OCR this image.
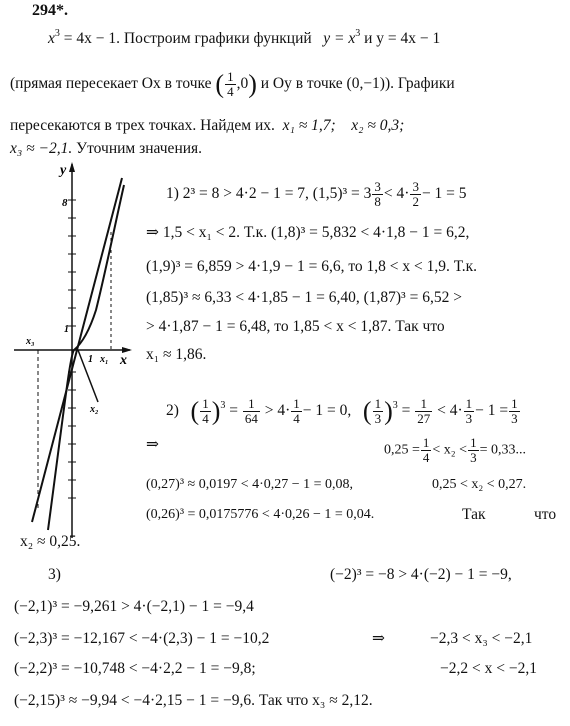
294*.
$x^3 = 4x - 1$. Построим графики функций $y = x^3$ и y = 4x − 1
(прямая пересекает Ox в точке ( $\frac{1}{4} ,0$) и Oy в точке (0,−1)). Графики
пересекаются в трех точках. Найдем их. x₁ ≈ 1,7; x₂ ≈ 0,3;
x₃ ≈ −2,1. Уточним значения.
y
x
8
1
1 x₁
x₂
x₃
1) 2³ = 8 > 4·2 − 1 = 7, $(1,5)^3 = 3 \frac{3}{8} < 4\cdot \frac{3}{2} - 1 = 5$
⇒ 1,5 < x₁ < 2. Т.к. (1,8)³ = 5,832 < 4·1,8 − 1 = 6,2,
(1,9)³ = 6,859 > 4·1,9 − 1 = 6,6, то 1,8 < x < 1,9. Т.к.
(1,85)³ ≈ 6,33 < 4·1,85 − 1 = 6,40, (1,87)³ = 6,52 >
> 4·1,87 − 1 = 6,48, то 1,85 < x < 1,87. Так что
x₁ ≈ 1,86.
2) ( $\frac{1}{4} )^3 = \frac{1}{64} > 4\cdot \frac{1}{4} - 1 = 0$, ( $\frac{1}{3} )^3 = \frac{1}{27} < 4\cdot \frac{1}{3} - 1 = \frac{1}{3}$
⇒	$0,25 = \frac{1}{4} < x_2 < \frac{1}{3} = 0,33$...
(0,27)³ ≈ 0,0197 < 4·0,27 − 1 = 0,08,	0,25 < x₂ < 0,27.
(0,26)³ = 0,0175776 < 4·0,26 − 1 = 0,04.	Так	что
x₂ ≈ 0,25.
3)	(−2)³ = −8 > 4·(−2) − 1 = −9,
(−2,1)³ = −9,261 > 4·(−2,1) − 1 = −9,4
(−2,3)³ = −12,167 < −4·(2,3) − 1 = −10,2	⇒	−2,3 < x₃ < −2,1
(−2,2)³ = −10,748 < −4·2,2 − 1 = −9,8;	−2,2 < x < −2,1
(−2,15)³ ≈ −9,94 < −4·2,15 − 1 = −9,6. Так что x₃ ≈ 2,12.
